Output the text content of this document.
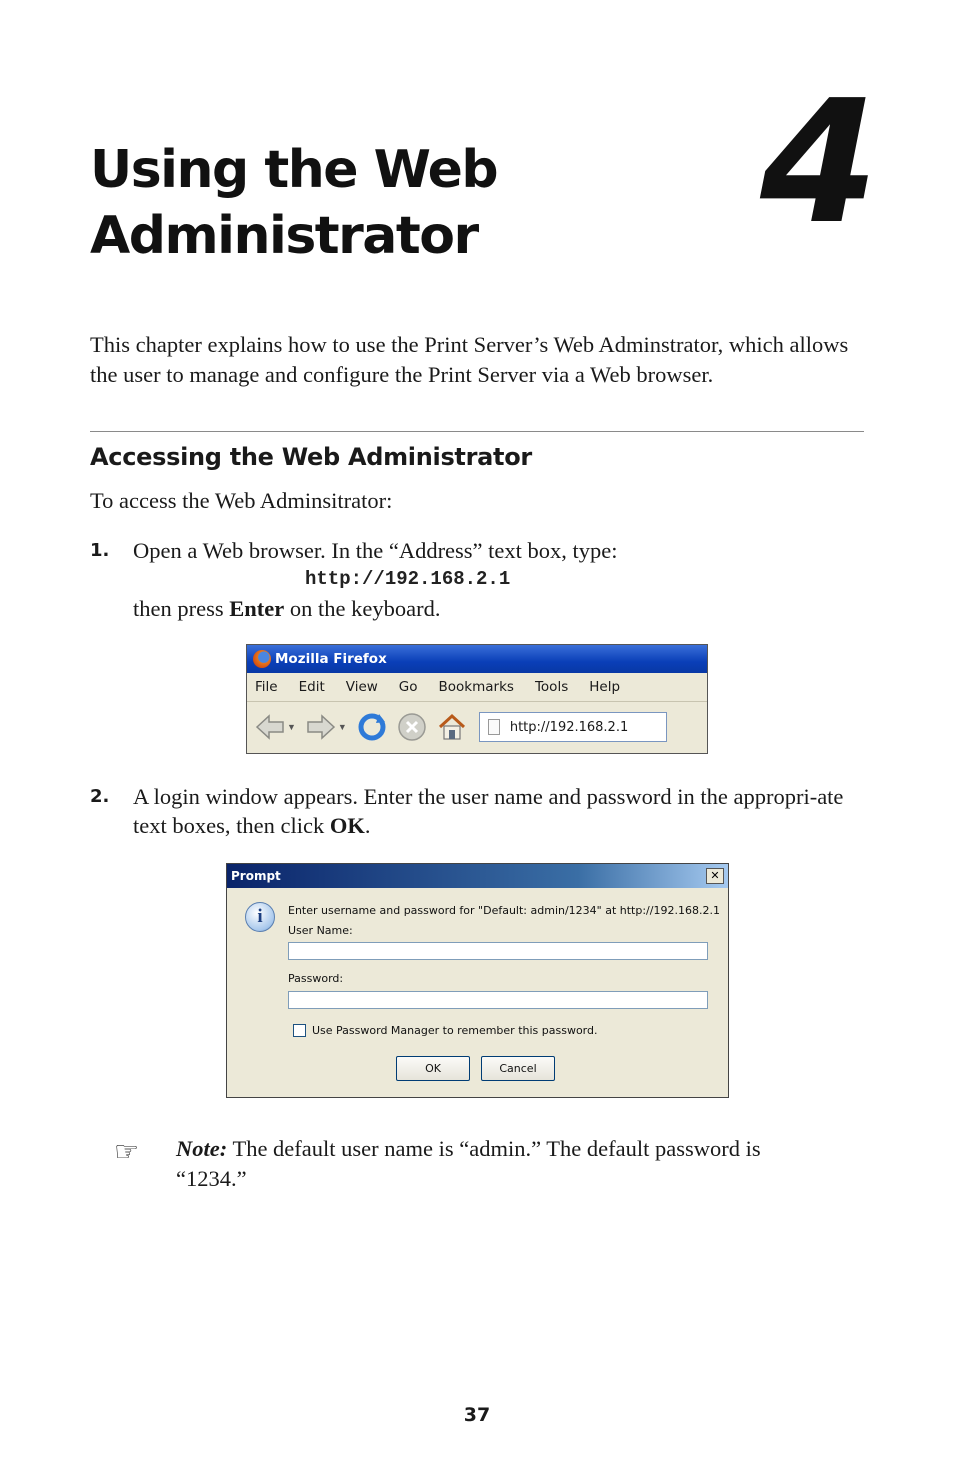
Using the Web
Administrator 4
This chapter explains how to use the Print Server’s Web Adminstrator, which allows the user to manage and configure the Print Server via a Web browser.
Accessing the Web Administrator
To access the Web Adminsitrator:
1. Open a Web browser. In the “Address” text box, type:
http://192.168.2.1
then press Enter on the keyboard.
Mozilla Firefox
File Edit View Go Bookmarks Tools Help
▼	▼	http://192.168.2.1
2. A login window appears. Enter the user name and password in the appropri-ate text boxes, then click OK.
Prompt	✕
i	Enter username and password for "Default: admin/1234" at http://192.168.2.1
User Name:
Password:
Use Password Manager to remember this password.
OK	Cancel
☞ Note: The default user name is “admin.” The default password is “1234.”
37
